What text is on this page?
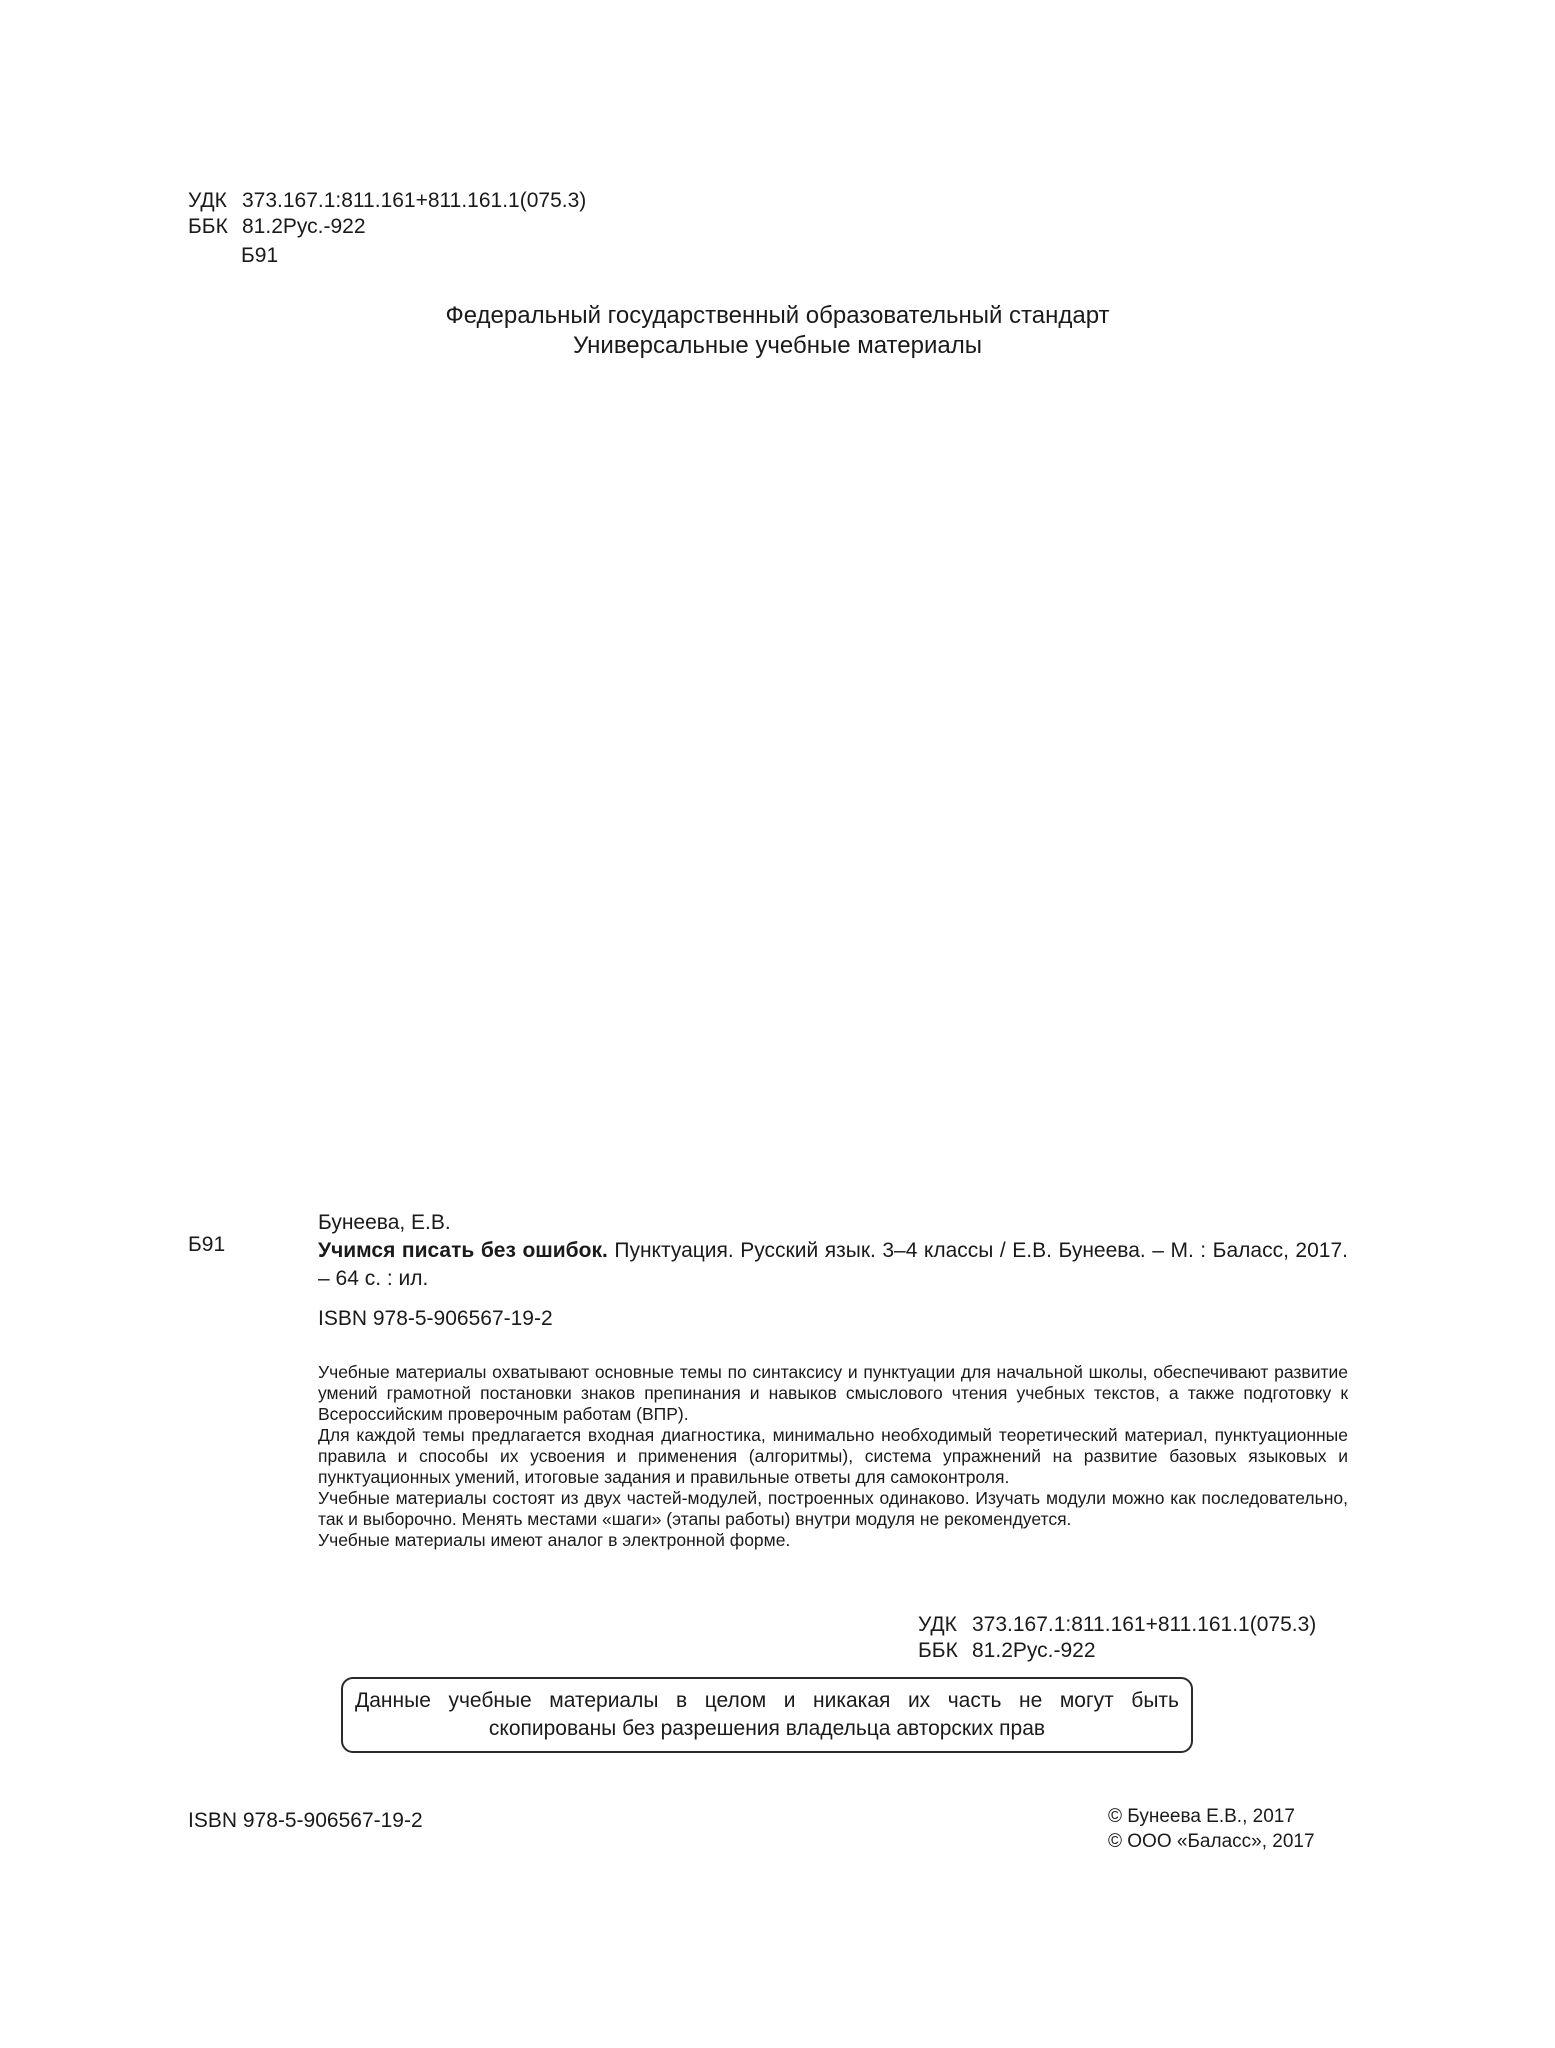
УДК 373.167.1:811.161+811.161.1(075.3)
ББК 81.2Рус.-922
Б91
Федеральный государственный образовательный стандарт
Универсальные учебные материалы
Б91
Бунеева, Е.В.
Учимся писать без ошибок. Пунктуация. Русский язык. 3–4 классы / Е.В. Бунеева. – М. : Баласс, 2017. – 64 с. : ил.
ISBN 978-5-906567-19-2

Учебные материалы охватывают основные темы по синтаксису и пунктуации для начальной школы, обеспечивают развитие умений грамотной постановки знаков препинания и навыков смыслового чтения учебных текстов, а также подготовку к Всероссийским проверочным работам (ВПР).

Для каждой темы предлагается входная диагностика, минимально необходимый теоретический материал, пунктуационные правила и способы их усвоения и применения (алгоритмы), система упражнений на развитие базовых языковых и пунктуационных умений, итоговые задания и правильные ответы для самоконтроля.

Учебные материалы состоят из двух частей-модулей, построенных одинаково. Изучать модули можно как последовательно, так и выборочно. Менять местами «шаги» (этапы работы) внутри модуля не рекомендуется.

Учебные материалы имеют аналог в электронной форме.

УДК 373.167.1:811.161+811.161.1(075.3)
ББК 81.2Рус.-922
Данные учебные материалы в целом и никакая их часть не могут быть
скопированы без разрешения владельца авторских прав
ISBN 978-5-906567-19-2	© Бунеева Е.В., 2017
© ООО «Баласс», 2017
